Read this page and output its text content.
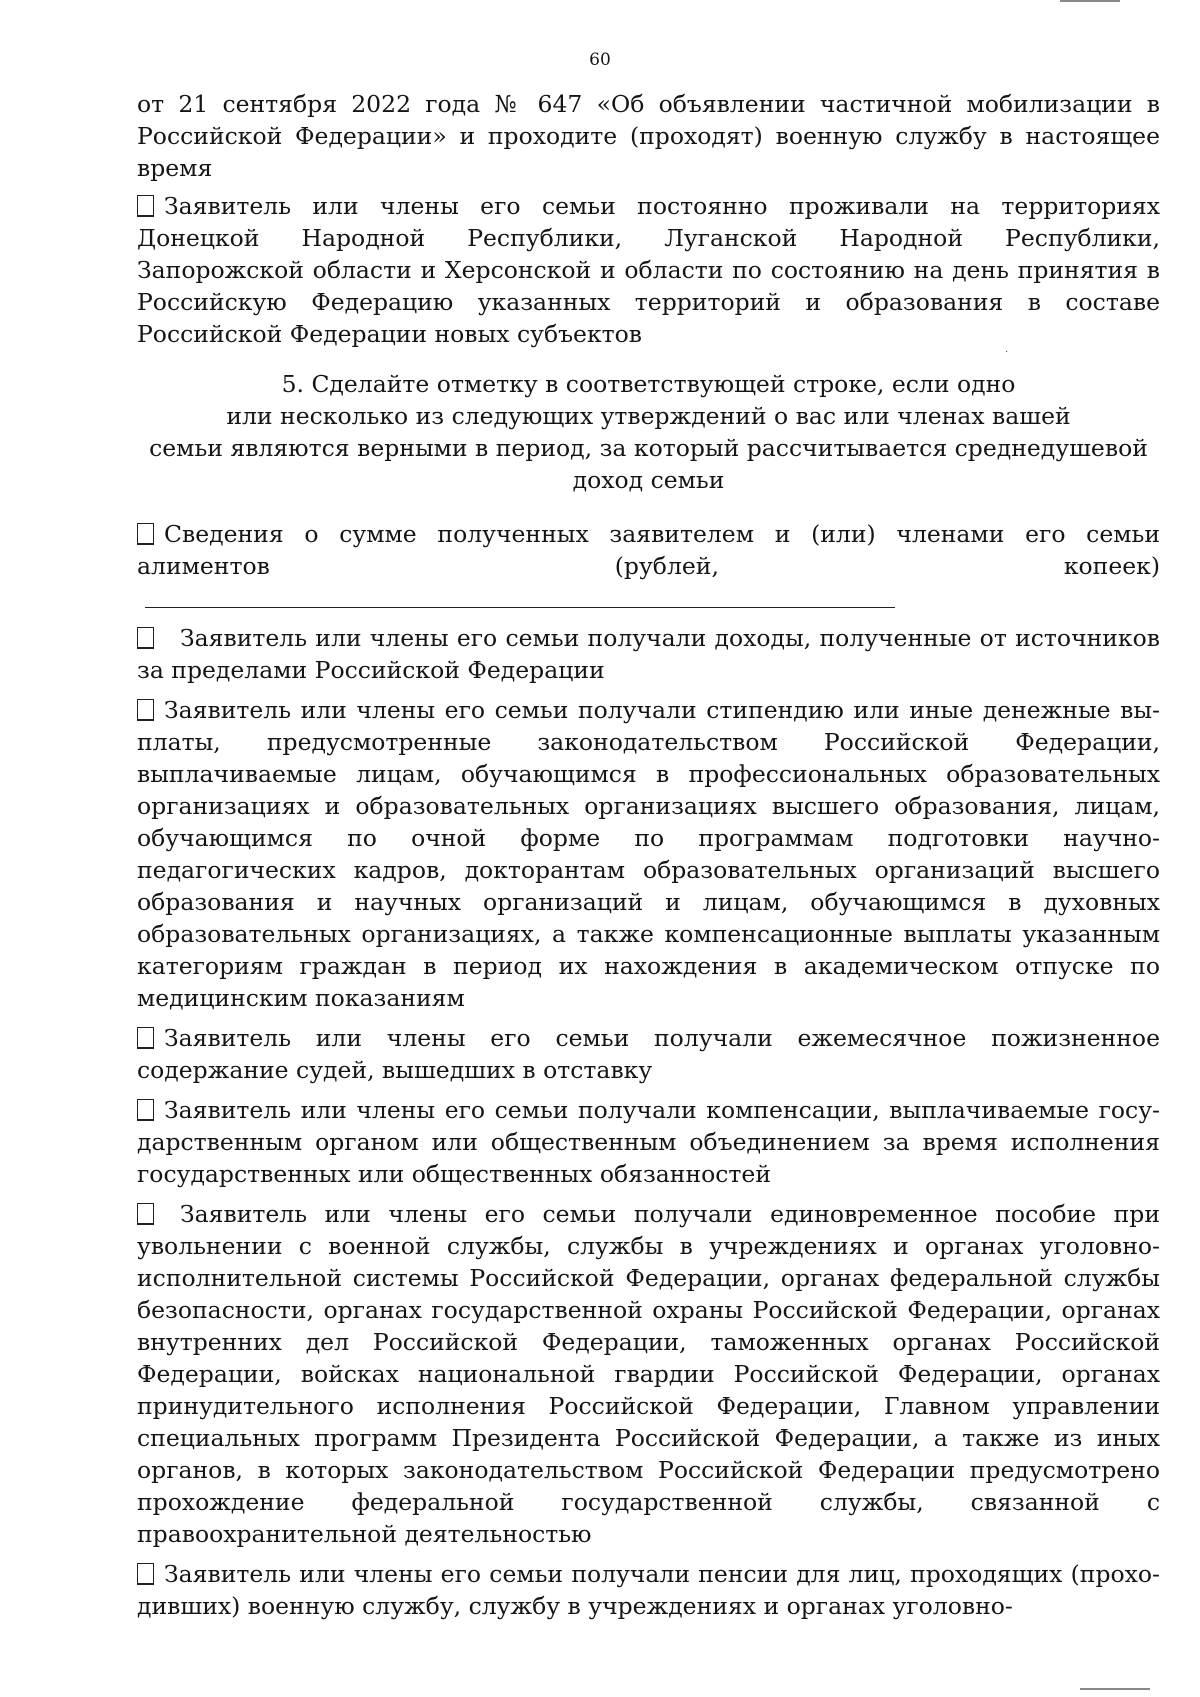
60
·

от 21 сентября 2022 года № 647 «Об объявлении частичной мобилизации в Российской Федерации» и проходите (проходят) военную службу в настоящее время

Заявитель или члены его семьи постоянно проживали на территориях Донецкой Народной Республики, Луганской Народной Республики, Запорожской области и Херсонской и области по состоянию на день принятия в Российскую Федерацию указанных территорий и образования в составе Российской Федерации новых субъектов

5. Сделайте отметку в соответствующей строке, если одно
или несколько из следующих утверждений о вас или членах вашей
семьи являются верными в период, за который рассчитывается среднедушевой доход семьи

Сведения о сумме полученных заявителем и (или) членами его семьи алиментов (рублей, копеек)

Заявитель или члены его семьи получали доходы, полученные от источников за пределами Российской Федерации

Заявитель или члены его семьи получали стипендию или иные денежные выплаты, предусмотренные законодательством Российской Федерации, выплачиваемые лицам, обучающимся в профессиональных образовательных организациях и образовательных организациях высшего образования, лицам, обучающимся по очной форме по программам подготовки научно-педагогических кадров, докторантам образовательных организаций высшего образования и научных организаций и лицам, обучающимся в духовных образовательных организациях, а также компенсационные выплаты указанным категориям граждан в период их нахождения в академическом отпуске по медицинским показаниям

Заявитель или члены его семьи получали ежемесячное пожизненное содержание судей, вышедших в отставку

Заявитель или члены его семьи получали компенсации, выплачиваемые государственным органом или общественным объединением за время исполнения государственных или общественных обязанностей

Заявитель или члены его семьи получали единовременное пособие при увольнении с военной службы, службы в учреждениях и органах уголовно-исполнительной системы Российской Федерации, органах федеральной службы безопасности, органах государственной охраны Российской Федерации, органах внутренних дел Российской Федерации, таможенных органах Российской Федерации, войсках национальной гвардии Российской Федерации, органах принудительного исполнения Российской Федерации, Главном управлении специальных программ Президента Российской Федерации, а также из иных органов, в которых законодательством Российской Федерации предусмотрено прохождение федеральной государственной службы, связанной с правоохранительной деятельностью

Заявитель или члены его семьи получали пенсии для лиц, проходящих (проходивших) военную службу, службу в учреждениях и органах уголовно-
